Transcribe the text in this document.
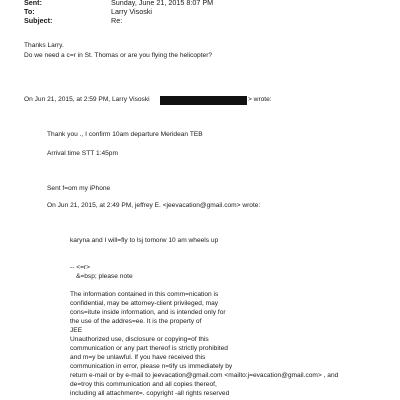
Sent:	Sunday, June 21, 2015 8:07 PM
To:	Larry Visoski
Subject:	Re:
Thanks Larry.
Do we need a c=r in St. Thomas or are you flying the helicopter?
On Jun 21, 2015, at 2:59 PM, Larry Visoski	> wrote:
Thank you ., I confirm 10am departure Meridean TEB
Arrival time STT 1:45pm
Sent f=om my iPhone
On Jun 21, 2015, at 2:49 PM, jeffrey E. <jeevacation@gmail.com> wrote:
karyna and I will=fly to lsj tomorw 10 am wheels up
-- <=r>
&=bsp; please note
The information contained in this comm=nication is
confidential, may be attorney-client privileged, may
cons=itute inside information, and is intended only for
the use of the addres=ee. It is the property of
JEE
Unauthorized use, disclosure or copying=of this
communication or any part thereof is strictly prohibited
and m=y be unlawful. If you have received this
communication in error, please n=tify us immediately by
return e-mail or by e-mail to jeevacation@gmail.com <mailto:j=evacation@gmail.com> , and
de=troy this communication and all copies thereof,
including all attachment=. copyright -all rights reserved
